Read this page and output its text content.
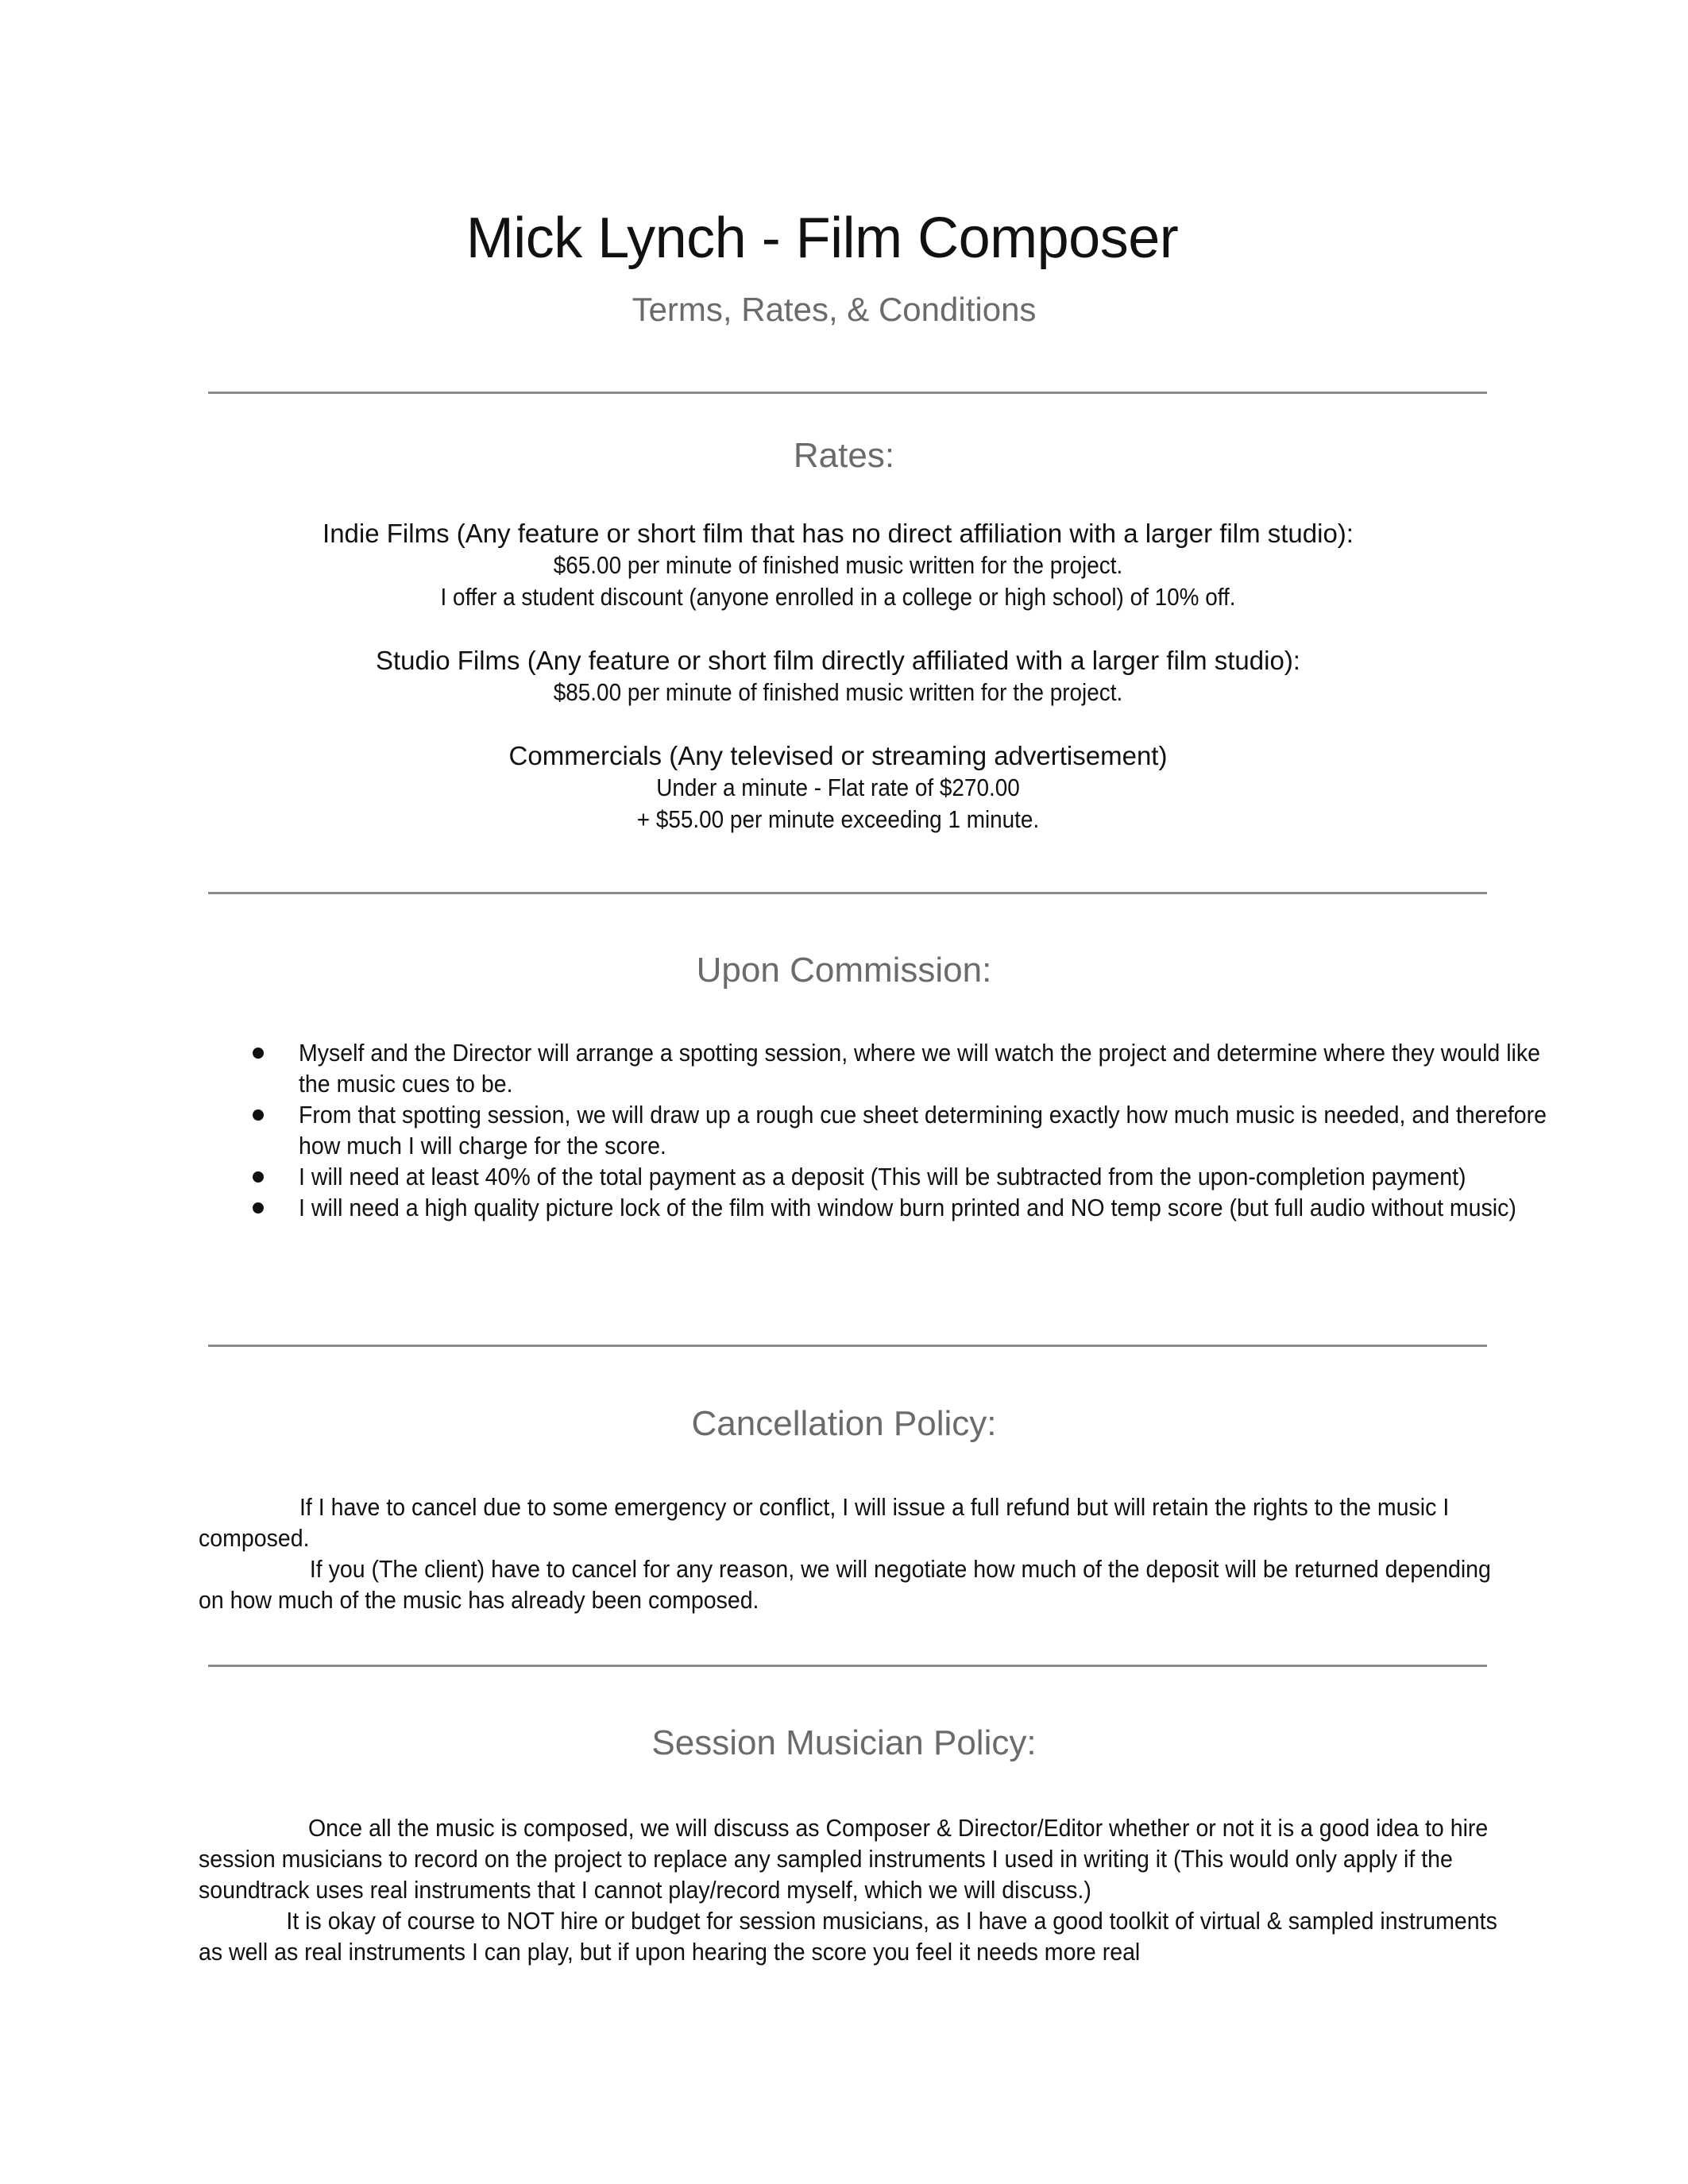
Mick Lynch - Film Composer
Terms, Rates, & Conditions
Rates:
Indie Films (Any feature or short film that has no direct affiliation with a larger film studio):
$65.00 per minute of finished music written for the project.
I offer a student discount (anyone enrolled in a college or high school) of 10% off.
Studio Films (Any feature or short film directly affiliated with a larger film studio):
$85.00 per minute of finished music written for the project.
Commercials (Any televised or streaming advertisement)
Under a minute - Flat rate of $270.00
+ $55.00 per minute exceeding 1 minute.
Upon Commission:
Myself and the Director will arrange a spotting session, where we will watch the project and determine where they would like the music cues to be.
From that spotting session, we will draw up a rough cue sheet determining exactly how much music is needed, and therefore how much I will charge for the score.
I will need at least 40% of the total payment as a deposit (This will be subtracted from the upon-completion payment)
I will need a high quality picture lock of the film with window burn printed and NO temp score (but full audio without music)
Cancellation Policy:

If I have to cancel due to some emergency or conflict, I will issue a full refund but will retain the rights to the music I composed.

If you (The client) have to cancel for any reason, we will negotiate how much of the deposit will be returned depending on how much of the music has already been composed.

Session Musician Policy:

Once all the music is composed, we will discuss as Composer & Director/Editor whether or not it is a good idea to hire session musicians to record on the project to replace any sampled instruments I used in writing it (This would only apply if the soundtrack uses real instruments that I cannot play/record myself, which we will discuss.)

It is okay of course to NOT hire or budget for session musicians, as I have a good toolkit of virtual & sampled instruments as well as real instruments I can play, but if upon hearing the score you feel it needs more real
